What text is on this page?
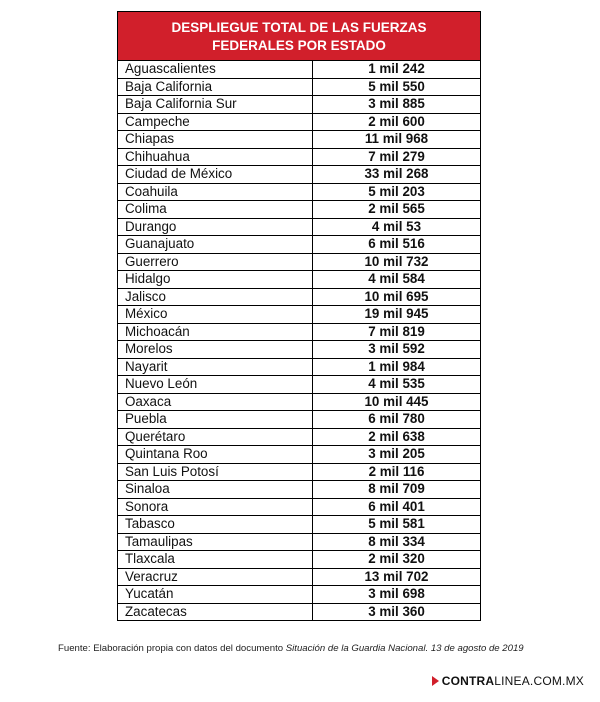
DESPLIEGUE TOTAL DE LAS FUERZAS
FEDERALES POR ESTADO
Aguascalientes	1 mil 242
Baja California	5 mil 550
Baja California Sur	3 mil 885
Campeche	2 mil 600
Chiapas	11 mil 968
Chihuahua	7 mil 279
Ciudad de México	33 mil 268
Coahuila	5 mil 203
Colima	2 mil 565
Durango	4 mil 53
Guanajuato	6 mil 516
Guerrero	10 mil 732
Hidalgo	4 mil 584
Jalisco	10 mil 695
México	19 mil 945
Michoacán	7 mil 819
Morelos	3 mil 592
Nayarit	1 mil 984
Nuevo León	4 mil 535
Oaxaca	10 mil 445
Puebla	6 mil 780
Querétaro	2 mil 638
Quintana Roo	3 mil 205
San Luis Potosí	2 mil 116
Sinaloa	8 mil 709
Sonora	6 mil 401
Tabasco	5 mil 581
Tamaulipas	8 mil 334
Tlaxcala	2 mil 320
Veracruz	13 mil 702
Yucatán	3 mil 698
Zacatecas	3 mil 360
Fuente: Elaboración propia con datos del documento Situación de la Guardia Nacional. 13 de agosto de 2019
CONTRA LINEA.COM.MX
